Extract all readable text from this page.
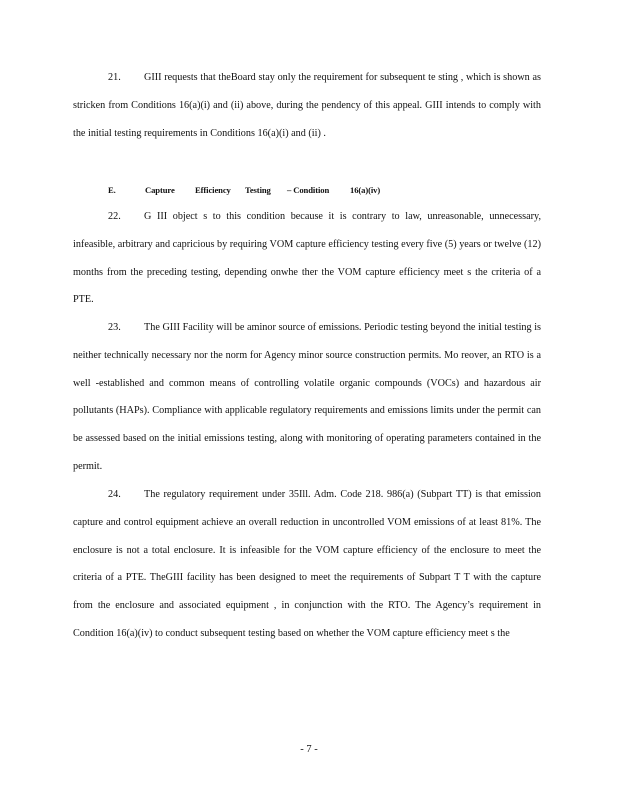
21. GIII requests that theBoard stay only the requirement for subsequent te sting , which is shown as stricken from Conditions 16(a)(i) and (ii) above, during the pendency of this appeal. GIII intends to comply with the initial testing requirements in Conditions 16(a)(i) and (ii) .
E.	Capture Efficiency Testing – Condition 16(a)(iv)
22. G III object s to this condition because it is contrary to law, unreasonable, unnecessary, infeasible, arbitrary and capricious by requiring VOM capture efficiency testing every five (5) years or twelve (12) months from the preceding testing, depending onwhe ther the VOM capture efficiency meet s the criteria of a PTE.
23. The GIII Facility will be aminor source of emissions. Periodic testing beyond the initial testing is neither technically necessary nor the norm for Agency minor source construction permits. Mo reover, an RTO is a well -established and common means of controlling volatile organic compounds (VOCs) and hazardous air pollutants (HAPs). Compliance with applicable regulatory requirements and emissions limits under the permit can be assessed based on the initial emissions testing, along with monitoring of operating parameters contained in the permit.
24. The regulatory requirement under 35Ill. Adm. Code 218. 986(a) (Subpart TT) is that emission capture and control equipment achieve an overall reduction in uncontrolled VOM emissions of at least 81%. The enclosure is not a total enclosure. It is infeasible for the VOM capture efficiency of the enclosure to meet the criteria of a PTE. TheGIII facility has been designed to meet the requirements of Subpart T T with the capture from the enclosure and associated equipment , in conjunction with the RTO. The Agency’s requirement in Condition 16(a)(iv) to conduct subsequent testing based on whether the VOM capture efficiency meet s the
- 7 -
